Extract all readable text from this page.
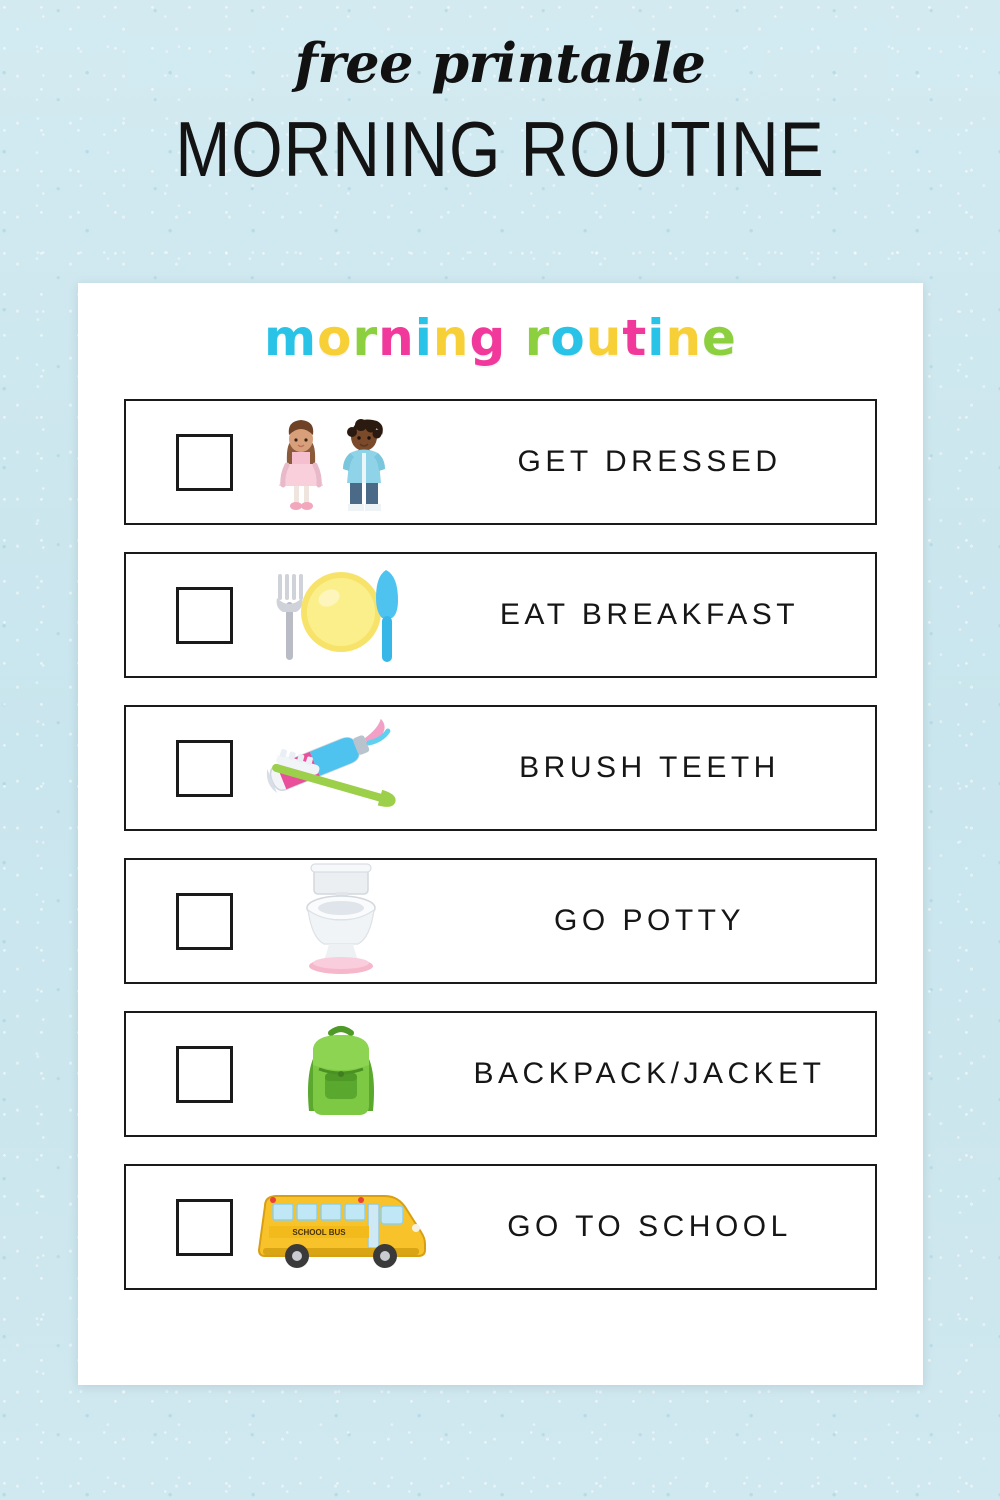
free printable
MORNING ROUTINE
morning routine
GET DRESSED
EAT BREAKFAST
BRUSH TEETH
GO POTTY
BACKPACK/JACKET
SCHOOL BUS	GO TO SCHOOL
